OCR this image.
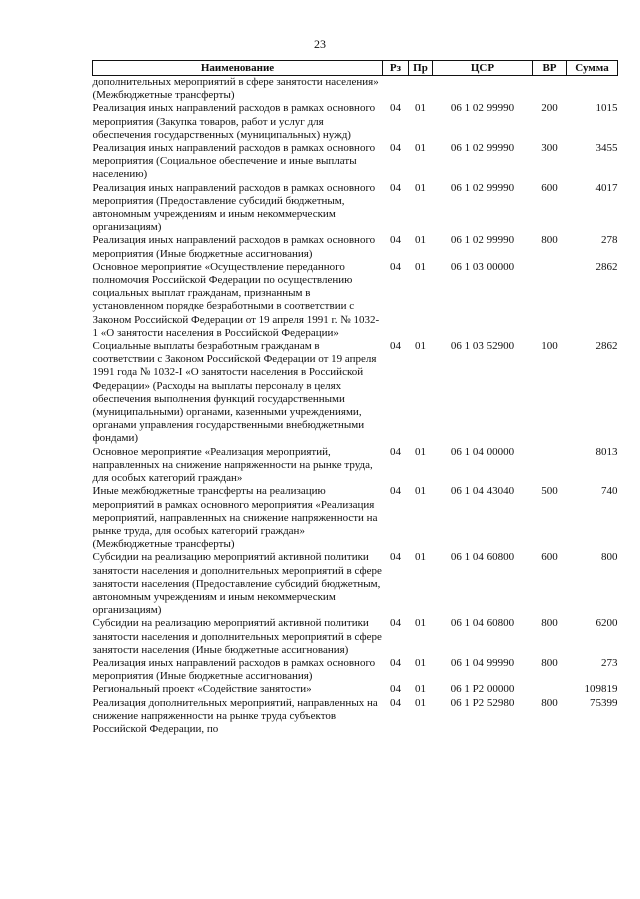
23
Наименование	Рз	Пр	ЦСР	ВР	Сумма
дополнительных мероприятий в сфере занятости населения» (Межбюджетные трансферты)					
Реализация иных направлений расходов в рамках основного мероприятия (Закупка товаров, работ и услуг для обеспечения государственных (муниципальных) нужд)	04	01	06 1 02 99990	200	1015
Реализация иных направлений расходов в рамках основного мероприятия (Социальное обеспечение и иные выплаты населению)	04	01	06 1 02 99990	300	3455
Реализация иных направлений расходов в рамках основного мероприятия (Предоставление субсидий бюджетным, автономным учреждениям и иным некоммерческим организациям)	04	01	06 1 02 99990	600	4017
Реализация иных направлений расходов в рамках основного мероприятия (Иные бюджетные ассигнования)	04	01	06 1 02 99990	800	278
Основное мероприятие «Осуществление переданного полномочия Российской Федерации по осуществлению социальных выплат гражданам, признанным в установленном порядке безработными в соответствии с Законом Российской Федерации от 19 апреля 1991 г. № 1032-1 «О занятости населения в Российской Федерации»	04	01	06 1 03 00000		2862
Социальные выплаты безработным гражданам в соответствии с Законом Российской Федерации от 19 апреля 1991 года № 1032-I «О занятости населения в Российской Федерации» (Расходы на выплаты персоналу в целях обеспечения выполнения функций государственными (муниципальными) органами, казенными учреждениями, органами управления государственными внебюджетными фондами)	04	01	06 1 03 52900	100	2862
Основное мероприятие «Реализация мероприятий, направленных на снижение напряженности на рынке труда, для особых категорий граждан»	04	01	06 1 04 00000		8013
Иные межбюджетные трансферты на реализацию мероприятий в рамках основного мероприятия «Реализация мероприятий, направленных на снижение напряженности на рынке труда, для особых категорий граждан» (Межбюджетные трансферты)	04	01	06 1 04 43040	500	740
Субсидии на реализацию мероприятий активной политики занятости населения и дополнительных мероприятий в сфере занятости населения (Предоставление субсидий бюджетным, автономным учреждениям и иным некоммерческим организациям)	04	01	06 1 04 60800	600	800
Субсидии на реализацию мероприятий активной политики занятости населения и дополнительных мероприятий в сфере занятости населения (Иные бюджетные ассигнования)	04	01	06 1 04 60800	800	6200
Реализация иных направлений расходов в рамках основного мероприятия (Иные бюджетные ассигнования)	04	01	06 1 04 99990	800	273
Региональный проект «Содействие занятости»	04	01	06 1 P2 00000		109819
Реализация дополнительных мероприятий, направленных на снижение напряженности на рынке труда субъектов Российской Федерации, по	04	01	06 1 P2 52980	800	75399
